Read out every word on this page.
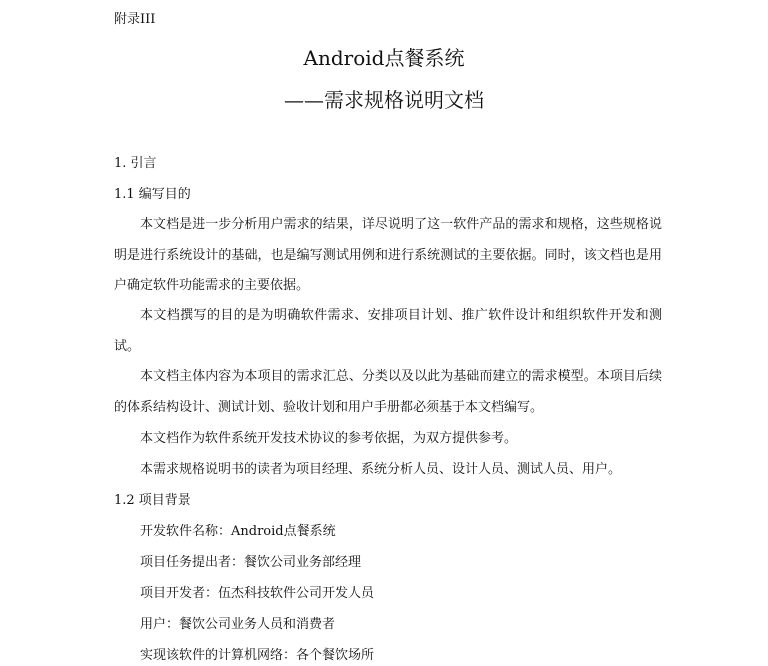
附录III
Android点餐系统
——需求规格说明文档
1. 引言
1.1 编写目的
本文档是进一步分析用户需求的结果，详尽说明了这一软件产品的需求和规格，这些规格说明是进行系统设计的基础，也是编写测试用例和进行系统测试的主要依据。同时，该文档也是用户确定软件功能需求的主要依据。
本文档撰写的目的是为明确软件需求、安排项目计划、推广软件设计和组织软件开发和测试。
本文档主体内容为本项目的需求汇总、分类以及以此为基础而建立的需求模型。本项目后续的体系结构设计、测试计划、验收计划和用户手册都必须基于本文档编写。
本文档作为软件系统开发技术协议的参考依据，为双方提供参考。
本需求规格说明书的读者为项目经理、系统分析人员、设计人员、测试人员、用户。
1.2 项目背景
开发软件名称：Android点餐系统
项目任务提出者：餐饮公司业务部经理
项目开发者：伍杰科技软件公司开发人员
用户：餐饮公司业务人员和消费者
实现该软件的计算机网络：各个餐饮场所
